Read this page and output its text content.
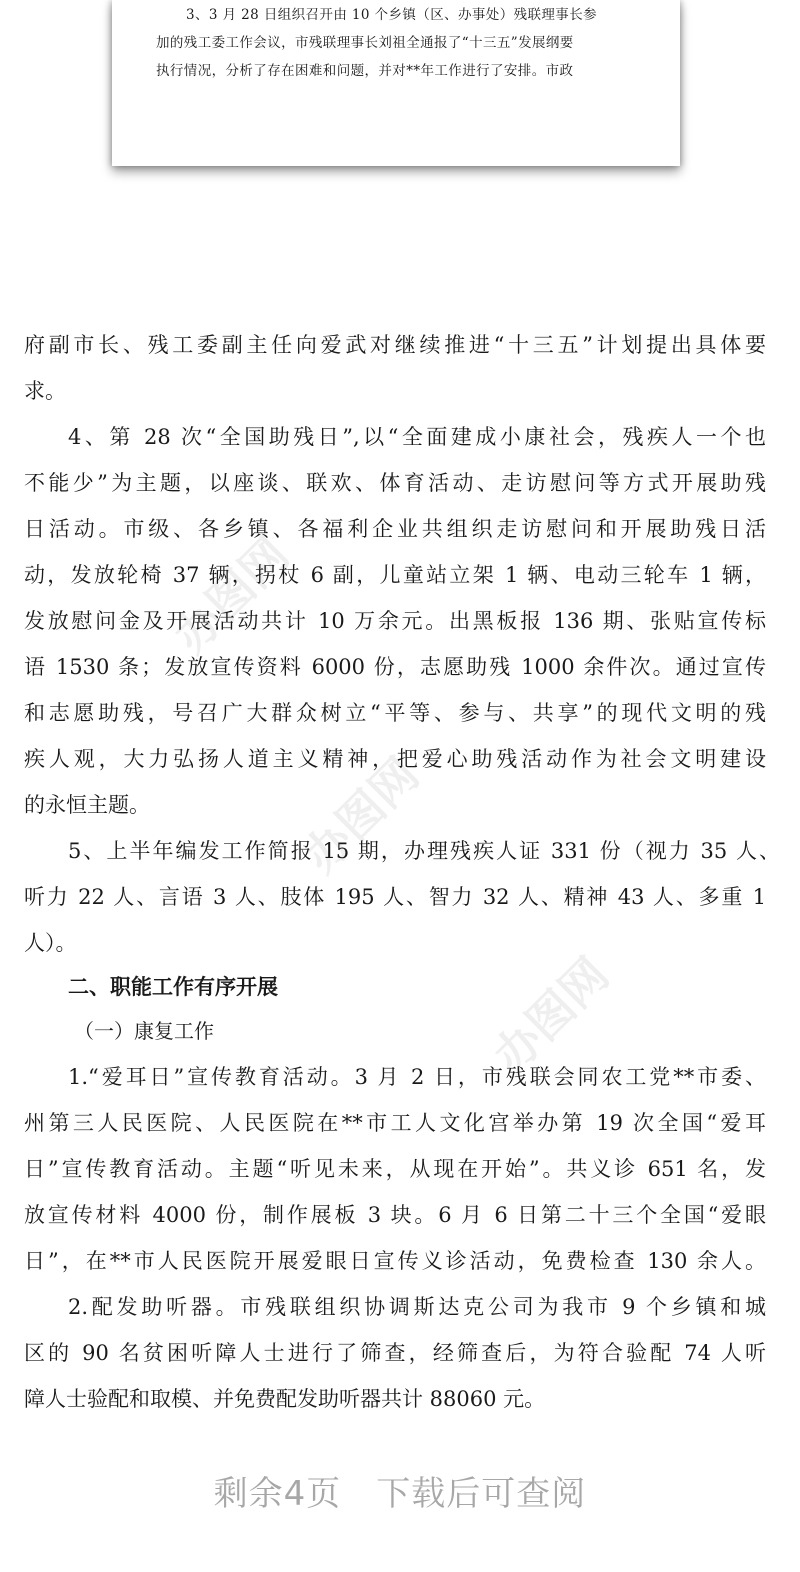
3、3 月 28 日组织召开由 10 个乡镇（区、办事处）残联理事长参
加的残工委工作会议，市残联理事长刘祖全通报了“十三五”发展纲要
执行情况，分析了存在困难和问题，并对**年工作进行了安排。市政
办图网
办图网
办图网
府副市长、残工委副主任向爱武对继续推进“十三五”计划提出具体要
求。
4、第 28 次“全国助残日”,以“全面建成小康社会，残疾人一个也
不能少”为主题，以座谈、联欢、体育活动、走访慰问等方式开展助残
日活动。市级、各乡镇、各福利企业共组织走访慰问和开展助残日活
动，发放轮椅 37 辆，拐杖 6 副，儿童站立架 1 辆、电动三轮车 1 辆，
发放慰问金及开展活动共计 10 万余元。出黑板报 136 期、张贴宣传标
语 1530 条；发放宣传资料 6000 份，志愿助残 1000 余件次。通过宣传
和志愿助残，号召广大群众树立“平等、参与、共享”的现代文明的残
疾人观，大力弘扬人道主义精神，把爱心助残活动作为社会文明建设
的永恒主题。
5、上半年编发工作简报 15 期，办理残疾人证 331 份（视力 35 人、
听力 22 人、言语 3 人、肢体 195 人、智力 32 人、精神 43 人、多重 1
人）。
二、职能工作有序开展
（一）康复工作
1.“爱耳日”宣传教育活动。3 月 2 日，市残联会同农工党**市委、
州第三人民医院、人民医院在**市工人文化宫举办第 19 次全国“爱耳
日”宣传教育活动。主题“听见未来，从现在开始”。共义诊 651 名，发
放宣传材料 4000 份，制作展板 3 块。6 月 6 日第二十三个全国“爱眼
日”，在**市人民医院开展爱眼日宣传义诊活动，免费检查 130 余人。
2.配发助听器。市残联组织协调斯达克公司为我市 9 个乡镇和城
区的 90 名贫困听障人士进行了筛查，经筛查后，为符合验配 74 人听
障人士验配和取模、并免费配发助听器共计 88060 元。
剩余4页　下载后可查阅
